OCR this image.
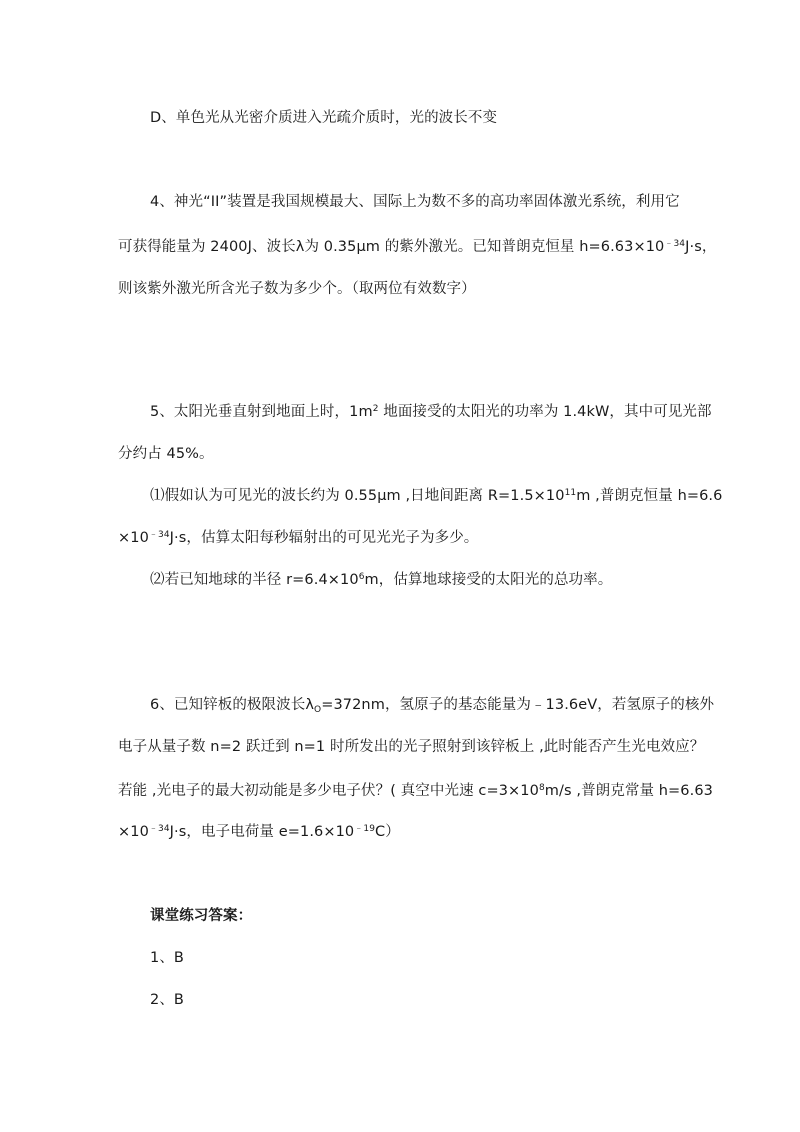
D、单色光从光密介质进入光疏介质时，光的波长不变
4、神光“II”装置是我国规模最大、国际上为数不多的高功率固体激光系统，利用它
可获得能量为 2400J、波长λ为 0.35μm 的紫外激光。已知普朗克恒星 $h=6.63\times 10^{﹣34}J\cdot s$，
则该紫外激光所含光子数为多少个。（取两位有效数字）
5、太阳光垂直射到地面上时，$1m^2$ 地面接受的太阳光的功率为 1.4kW，其中可见光部
分约占 45%。
⑴假如认为可见光的波长约为 0.55μm ,日地间距离 $R=1.5\times 10^{11}m$ ,普朗克恒量 h=6.6
$\times 10^{﹣34}J\cdot s$，估算太阳每秒辐射出的可见光光子为多少。
⑵若已知地球的半径 $r=6.4\times 10^6m$，估算地球接受的太阳光的总功率。
6、已知锌板的极限波长$\lambda_O=372nm$，氢原子的基态能量为﹣13.6eV，若氢原子的核外
电子从量子数 n=2 跃迁到 n=1 时所发出的光子照射到该锌板上 ,此时能否产生光电效应？
若能 ,光电子的最大初动能是多少电子伏？( 真空中光速 $c=3\times 10^8m/s$ ,普朗克常量 h=6.63
$\times 10^{﹣34}J\cdot s$，电子电荷量 $e=1.6\times 10^{﹣19}C$）
课堂练习答案：
1、B
2、B
